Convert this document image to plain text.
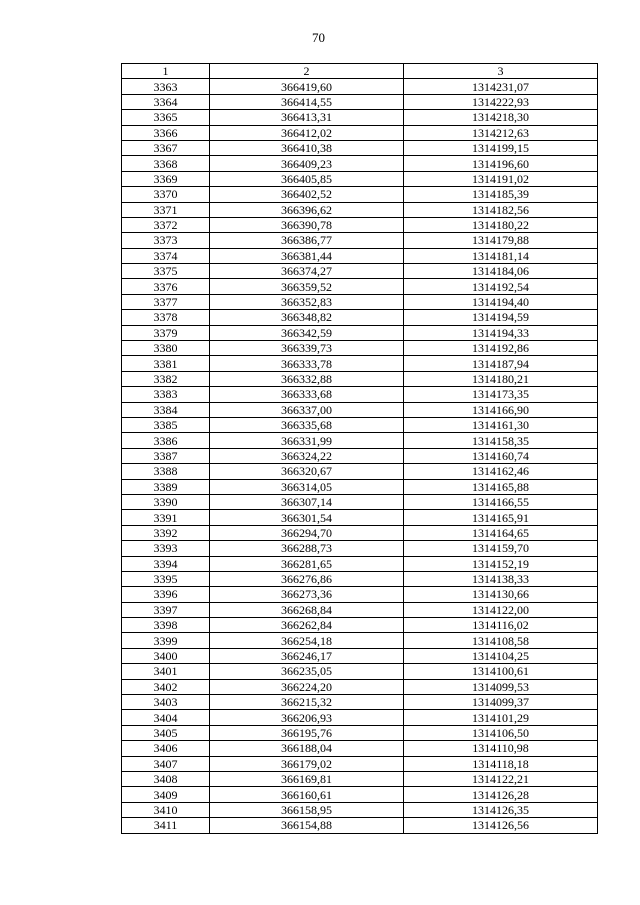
70
1	2	3
3363	366419,60	1314231,07
3364	366414,55	1314222,93
3365	366413,31	1314218,30
3366	366412,02	1314212,63
3367	366410,38	1314199,15
3368	366409,23	1314196,60
3369	366405,85	1314191,02
3370	366402,52	1314185,39
3371	366396,62	1314182,56
3372	366390,78	1314180,22
3373	366386,77	1314179,88
3374	366381,44	1314181,14
3375	366374,27	1314184,06
3376	366359,52	1314192,54
3377	366352,83	1314194,40
3378	366348,82	1314194,59
3379	366342,59	1314194,33
3380	366339,73	1314192,86
3381	366333,78	1314187,94
3382	366332,88	1314180,21
3383	366333,68	1314173,35
3384	366337,00	1314166,90
3385	366335,68	1314161,30
3386	366331,99	1314158,35
3387	366324,22	1314160,74
3388	366320,67	1314162,46
3389	366314,05	1314165,88
3390	366307,14	1314166,55
3391	366301,54	1314165,91
3392	366294,70	1314164,65
3393	366288,73	1314159,70
3394	366281,65	1314152,19
3395	366276,86	1314138,33
3396	366273,36	1314130,66
3397	366268,84	1314122,00
3398	366262,84	1314116,02
3399	366254,18	1314108,58
3400	366246,17	1314104,25
3401	366235,05	1314100,61
3402	366224,20	1314099,53
3403	366215,32	1314099,37
3404	366206,93	1314101,29
3405	366195,76	1314106,50
3406	366188,04	1314110,98
3407	366179,02	1314118,18
3408	366169,81	1314122,21
3409	366160,61	1314126,28
3410	366158,95	1314126,35
3411	366154,88	1314126,56
